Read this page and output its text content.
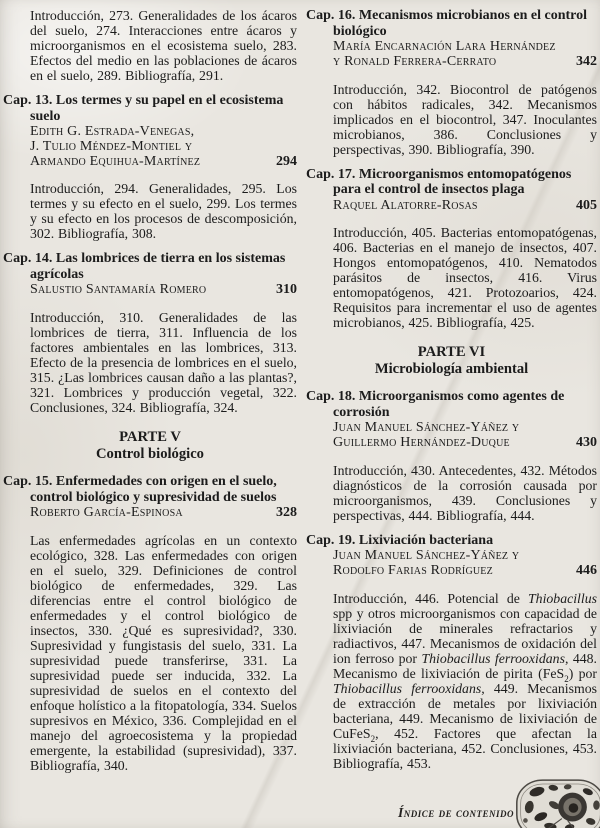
Introducción, 273. Generalidades de los ácaros del suelo, 274. Interacciones entre ácaros y microorganismos en el ecosistema suelo, 283. Efectos del medio en las poblaciones de ácaros en el suelo, 289. Bibliografía, 291.

Cap. 13. Los termes y su papel en el ecosistema suelo
Edith G. Estrada-Venegas,
J. Tulio Méndez-Montiel y
Armando Equihua-Martínez	294

Introducción, 294. Generalidades, 295. Los termes y su efecto en el suelo, 299. Los termes y su efecto en los procesos de descomposición, 302. Bibliografía, 308.

Cap. 14. Las lombrices de tierra en los sistemas agrícolas
Salustio Santamaría Romero	310

Introducción, 310. Generalidades de las lombrices de tierra, 311. Influencia de los factores ambientales en las lombrices, 313. Efecto de la presencia de lombrices en el suelo, 315. ¿Las lombrices causan daño a las plantas?, 321. Lombrices y producción vegetal, 322. Conclusiones, 324. Bibliografía, 324.

PARTE V
Control biológico
Cap. 15. Enfermedades con origen en el suelo, control biológico y supresividad de suelos
Roberto García-Espinosa	328

Las enfermedades agrícolas en un contexto ecológico, 328. Las enfermedades con origen en el suelo, 329. Definiciones de control biológico de enfermedades, 329. Las diferencias entre el control biológico de enfermedades y el control biológico de insectos, 330. ¿Qué es supresividad?, 330. Supresividad y fungistasis del suelo, 331. La supresividad puede transferirse, 331. La supresividad puede ser inducida, 332. La supresividad de suelos en el contexto del enfoque holístico a la fitopatología, 334. Suelos supresivos en México, 336. Complejidad en el manejo del agroecosistema y la propiedad emergente, la estabilidad (supresividad), 337. Bibliografía, 340.

Cap. 16. Mecanismos microbianos en el control biológico
María Encarnación Lara Hernández
y Ronald Ferrera-Cerrato	342

Introducción, 342. Biocontrol de patógenos con hábitos radicales, 342. Mecanismos implicados en el biocontrol, 347. Inoculantes microbianos, 386. Conclusiones y perspectivas, 390. Bibliografía, 390.

Cap. 17. Microorganismos entomopatógenos para el control de insectos plaga
Raquel Alatorre-Rosas	405

Introducción, 405. Bacterias entomopatógenas, 406. Bacterias en el manejo de insectos, 407. Hongos entomopatógenos, 410. Nematodos parásitos de insectos, 416. Virus entomopatógenos, 421. Protozoarios, 424. Requisitos para incrementar el uso de agentes microbianos, 425. Bibliografía, 425.

PARTE VI
Microbiología ambiental
Cap. 18. Microorganismos como agentes de corrosión
Juan Manuel Sánchez-Yáñez y
Guillermo Hernández-Duque	430

Introducción, 430. Antecedentes, 432. Métodos diagnósticos de la corrosión causada por microorganismos, 439. Conclusiones y perspectivas, 444. Bibliografía, 444.

Cap. 19. Lixiviación bacteriana
Juan Manuel Sánchez-Yáñez y
Rodolfo Farias Rodríguez	446

Introducción, 446. Potencial de Thiobacillus spp y otros microorganismos con capacidad de lixiviación de minerales refractarios y radiactivos, 447. Mecanismos de oxidación del ion ferroso por Thiobacillus ferrooxidans, 448. Mecanismo de lixiviación de pirita (FeS$_2$) por Thiobacillus ferrooxidans, 449. Mecanismos de extracción de metales por lixiviación bacteriana, 449. Mecanismo de lixiviación de CuFeS$_2$, 452. Factores que afectan la lixiviación bacteriana, 452. Conclusiones, 453. Bibliografía, 453.

Índice de contenido
